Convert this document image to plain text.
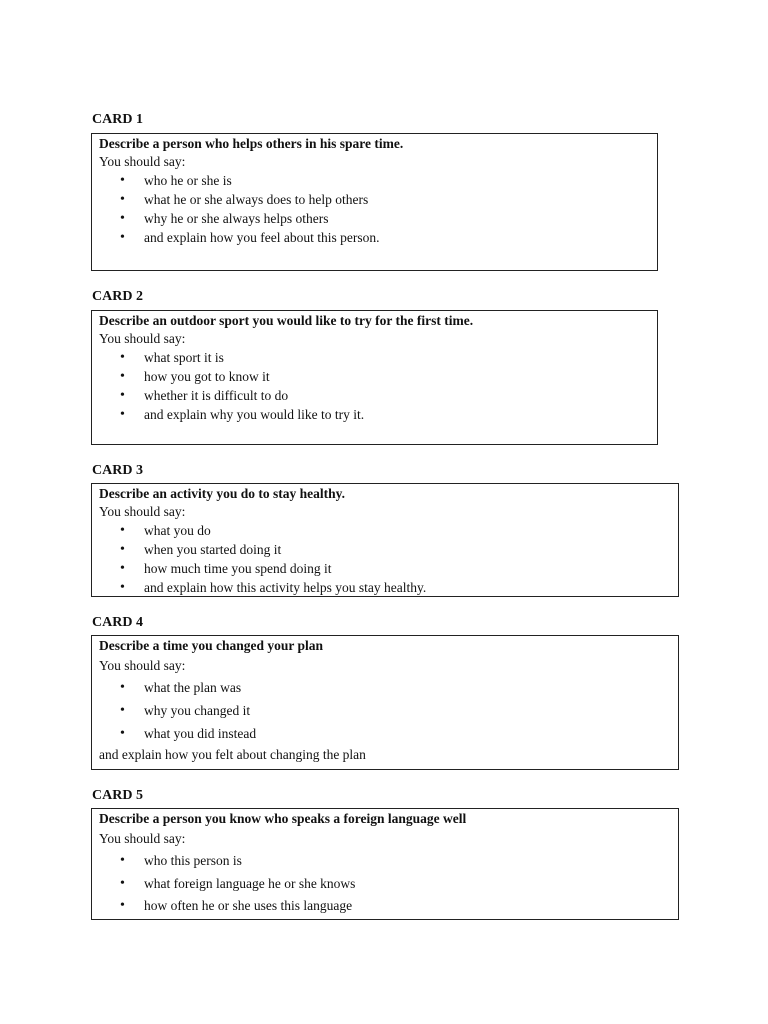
CARD 1
Describe a person who helps others in his spare time.
You should say:
• who he or she is
• what he or she always does to help others
• why he or she always helps others
• and explain how you feel about this person.
CARD 2
Describe an outdoor sport you would like to try for the first time.
You should say:
• what sport it is
• how you got to know it
• whether it is difficult to do
• and explain why you would like to try it.
CARD 3
Describe an activity you do to stay healthy.
You should say:
• what you do
• when you started doing it
• how much time you spend doing it
• and explain how this activity helps you stay healthy.
CARD 4
Describe a time you changed your plan
You should say:
• what the plan was
• why you changed it
• what you did instead
and explain how you felt about changing the plan
CARD 5
Describe a person you know who speaks a foreign language well
You should say:
• who this person is
• what foreign language he or she knows
• how often he or she uses this language
